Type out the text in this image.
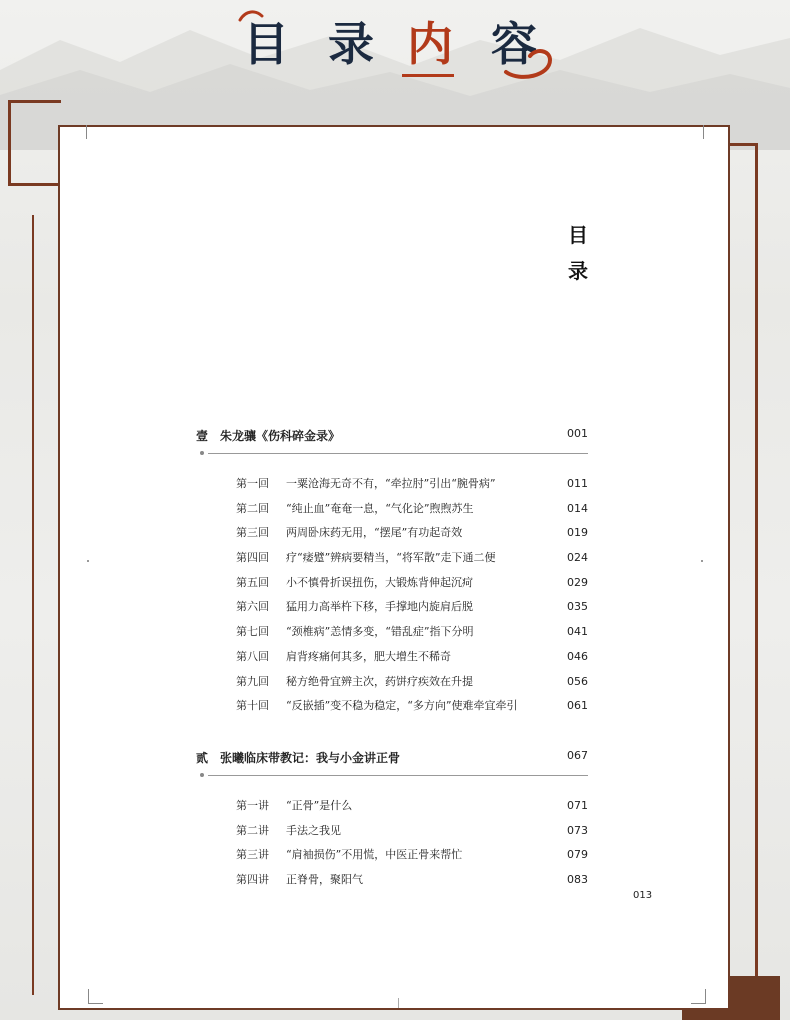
目 录 内 容
目
录
壹 朱龙骧《伤科碎金录》	001
第一回 一粟沧海无奇不有，“牵拉肘”引出“腕骨病”	011
第二回 “纯止血”奄奄一息，“气化论”煦煦苏生	014
第三回 两周卧床药无用，“摆尾”有功起奇效	019
第四回 疗“痿躄”辨病要精当，“将军散”走下通二便	024
第五回 小不慎骨折误扭伤，大锻炼背伸起沉疴	029
第六回 猛用力高举杵下移，手撑地内旋肩后脱	035
第七回 “颈椎病”恙情多变，“错乱症”指下分明	041
第八回 肩背疼痛何其多，肥大增生不稀奇	046
第九回 秘方绝骨宜辨主次，药饼疗疾效在升提	056
第十回 “反嵌插”变不稳为稳定，“多方向”使难牵宜牵引	061
贰 张曦临床带教记：我与小金讲正骨	067
第一讲 “正骨”是什么	071
第二讲 手法之我见	073
第三讲 “肩袖损伤”不用慌，中医正骨来帮忙	079
第四讲 正脊骨，聚阳气	083
013
